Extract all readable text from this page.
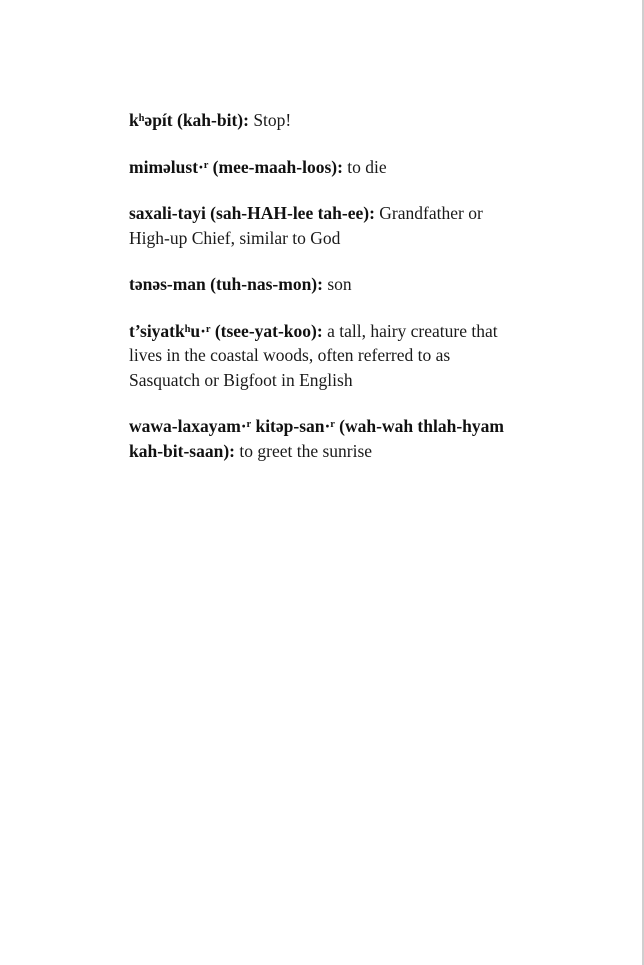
kʰəpít (kah-bit): Stop!

miməlust·ʳ (mee-maah-loos): to die

saxali-tayi (sah-HAH-lee tah-ee): Grandfather or High-up Chief, similar to God

tənəs-man (tuh-nas-mon): son

t’siyatkʰu·ʳ (tsee-yat-koo): a tall, hairy creature that lives in the coastal woods, often referred to as Sasquatch or Bigfoot in English

wawa-laxayam·ʳ kitəp-san·ʳ (wah-wah thlah-hyam kah-bit-saan): to greet the sunrise
